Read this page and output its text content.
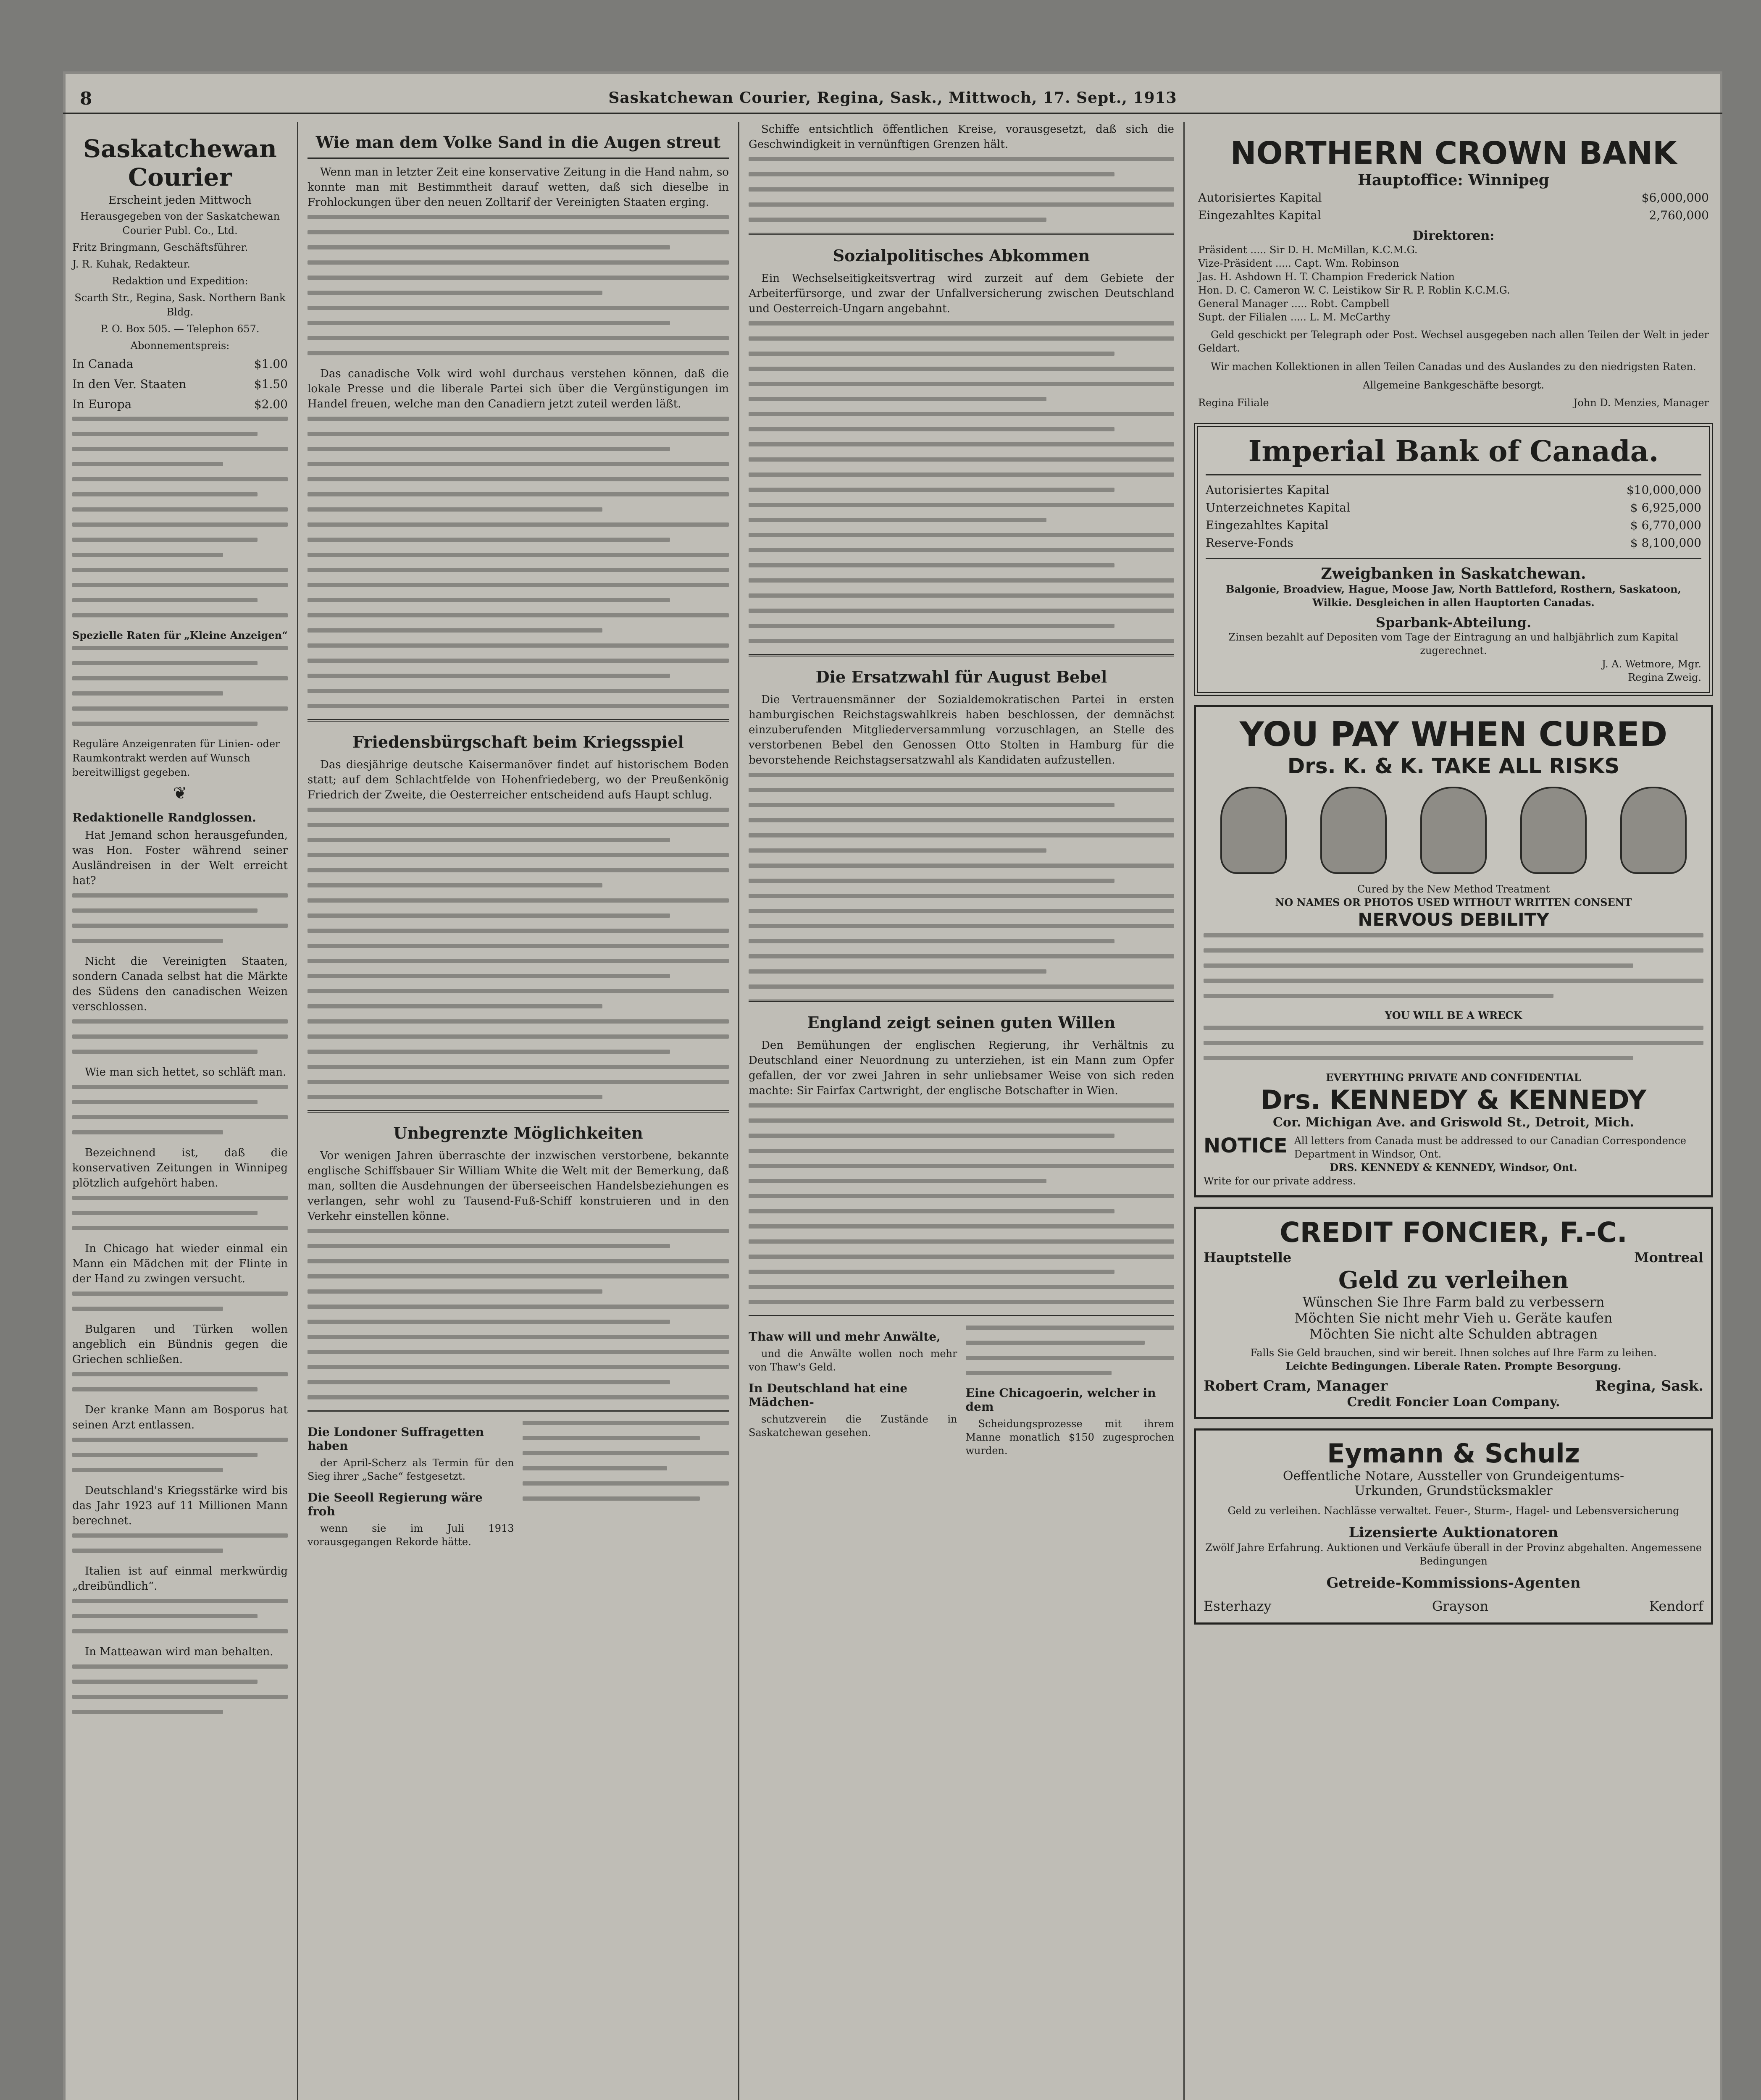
8	Saskatchewan Courier, Regina, Sask., Mittwoch, 17. Sept., 1913
Saskatchewan Courier
Erscheint jeden Mittwoch
Herausgegeben von der Saskatchewan Courier Publ. Co., Ltd.
Fritz Bringmann, Geschäftsführer.
J. R. Kuhak, Redakteur.
Redaktion und Expedition:
Scarth Str., Regina, Sask. Northern Bank Bldg.
P. O. Box 505. — Telephon 657.
Abonnementspreis:
In Canada	$1.00
In den Ver. Staaten	$1.50
In Europa	$2.00
Spezielle Raten für „Kleine Anzeigen“
Reguläre Anzeigenraten für Linien- oder Raumkontrakt werden auf Wunsch bereitwilligst gegeben.
❦
Redaktionelle Randglossen.

Hat Jemand schon herausgefunden, was Hon. Foster während seiner Ausländreisen in der Welt erreicht hat?

Nicht die Vereinigten Staaten, sondern Canada selbst hat die Märkte des Südens den canadischen Weizen verschlossen.

Wie man sich hettet, so schläft man.

Bezeichnend ist, daß die konservativen Zeitungen in Winnipeg plötzlich aufgehört haben.

In Chicago hat wieder einmal ein Mann ein Mädchen mit der Flinte in der Hand zu zwingen versucht.

Bulgaren und Türken wollen angeblich ein Bündnis gegen die Griechen schließen.

Der kranke Mann am Bosporus hat seinen Arzt entlassen.

Deutschland's Kriegsstärke wird bis das Jahr 1923 auf 11 Millionen Mann berechnet.

Italien ist auf einmal merkwürdig „dreibündlich“.

In Matteawan wird man behalten.

Wie man dem Volke Sand in die Augen streut

Wenn man in letzter Zeit eine konservative Zeitung in die Hand nahm, so konnte man mit Bestimmtheit darauf wetten, daß sich dieselbe in Frohlockungen über den neuen Zolltarif der Vereinigten Staaten erging.

Das canadische Volk wird wohl durchaus verstehen können, daß die lokale Presse und die liberale Partei sich über die Vergünstigungen im Handel freuen, welche man den Canadiern jetzt zuteil werden läßt.

Friedensbürgschaft beim Kriegsspiel

Das diesjährige deutsche Kaisermanöver findet auf historischem Boden statt; auf dem Schlachtfelde von Hohenfriedeberg, wo der Preußenkönig Friedrich der Zweite, die Oesterreicher entscheidend aufs Haupt schlug.

Unbegrenzte Möglichkeiten

Vor wenigen Jahren überraschte der inzwischen verstorbene, bekannte englische Schiffsbauer Sir William White die Welt mit der Bemerkung, daß man, sollten die Ausdehnungen der überseeischen Handelsbeziehungen es verlangen, sehr wohl zu Tausend-Fuß-Schiff konstruieren und in den Verkehr einstellen könne.

Die Londoner Suffragetten haben

der April-Scherz als Termin für den Sieg ihrer „Sache“ festgesetzt.

Die Seeoll Regierung wäre froh

wenn sie im Juli 1913 vorausgegangen Rekorde hätte.

Schiffe entsichtlich öffentlichen Kreise, vorausgesetzt, daß sich die Geschwindigkeit in vernünftigen Grenzen hält.

Sozialpolitisches Abkommen

Ein Wechselseitigkeitsvertrag wird zurzeit auf dem Gebiete der Arbeiterfürsorge, und zwar der Unfallversicherung zwischen Deutschland und Oesterreich-Ungarn angebahnt.

Die Ersatzwahl für August Bebel

Die Vertrauensmänner der Sozialdemokratischen Partei in ersten hamburgischen Reichstagswahlkreis haben beschlossen, der demnächst einzuberufenden Mitgliederversammlung vorzuschlagen, an Stelle des verstorbenen Bebel den Genossen Otto Stolten in Hamburg für die bevorstehende Reichstagsersatzwahl als Kandidaten aufzustellen.

England zeigt seinen guten Willen

Den Bemühungen der englischen Regierung, ihr Verhältnis zu Deutschland einer Neuordnung zu unterziehen, ist ein Mann zum Opfer gefallen, der vor zwei Jahren in sehr unliebsamer Weise von sich reden machte: Sir Fairfax Cartwright, der englische Botschafter in Wien.

Thaw will und mehr Anwälte,

und die Anwälte wollen noch mehr von Thaw's Geld.

In Deutschland hat eine Mädchen-

schutzverein die Zustände in Saskatchewan gesehen.

Eine Chicagoerin, welcher in dem

Scheidungsprozesse mit ihrem Manne monatlich $150 zugesprochen wurden.

NORTHERN CROWN BANK
Hauptoffice: Winnipeg
Autorisiertes Kapital	$6,000,000
Eingezahltes Kapital	2,760,000
Direktoren:
Präsident ..... Sir D. H. McMillan, K.C.M.G.
Vize-Präsident ..... Capt. Wm. Robinson
Jas. H. Ashdown H. T. Champion Frederick Nation
Hon. D. C. Cameron W. C. Leistikow Sir R. P. Roblin K.C.M.G.
General Manager ..... Robt. Campbell
Supt. der Filialen ..... L. M. McCarthy

Geld geschickt per Telegraph oder Post. Wechsel ausgegeben nach allen Teilen der Welt in jeder Geldart.

Wir machen Kollektionen in allen Teilen Canadas und des Auslandes zu den niedrigsten Raten.

Allgemeine Bankgeschäfte besorgt.
Regina Filiale	John D. Menzies, Manager
Imperial Bank of Canada.
Autorisiertes Kapital	$10,000,000
Unterzeichnetes Kapital	$ 6,925,000
Eingezahltes Kapital	$ 6,770,000
Reserve-Fonds	$ 8,100,000
Zweigbanken in Saskatchewan.
Balgonie, Broadview, Hague, Moose Jaw, North Battleford, Rosthern, Saskatoon, Wilkie. Desgleichen in allen Hauptorten Canadas.
Sparbank-Abteilung.
Zinsen bezahlt auf Depositen vom Tage der Eintragung an und halbjährlich zum Kapital zugerechnet.
J. A. Wetmore, Mgr.
Regina Zweig.
YOU PAY WHEN CURED
Drs. K. & K. TAKE ALL RISKS
Cured by the New Method Treatment
NO NAMES OR PHOTOS USED WITHOUT WRITTEN CONSENT
NERVOUS DEBILITY
YOU WILL BE A WRECK
EVERYTHING PRIVATE AND CONFIDENTIAL
Drs. KENNEDY & KENNEDY
Cor. Michigan Ave. and Griswold St., Detroit, Mich.
NOTICE All letters from Canada must be addressed to our Canadian Correspondence Department in Windsor, Ont.
DRS. KENNEDY & KENNEDY, Windsor, Ont.
Write for our private address.
CREDIT FONCIER, F.-C.
Hauptstelle	Montreal
Geld zu verleihen
Wünschen Sie Ihre Farm bald zu verbessern
Möchten Sie nicht mehr Vieh u. Geräte kaufen
Möchten Sie nicht alte Schulden abtragen
Falls Sie Geld brauchen, sind wir bereit. Ihnen solches auf Ihre Farm zu leihen.
Leichte Bedingungen. Liberale Raten. Prompte Besorgung.
Robert Cram, Manager	Regina, Sask.
Credit Foncier Loan Company.
Eymann & Schulz
Oeffentliche Notare, Aussteller von Grundeigentums-
Urkunden, Grundstücksmakler
Geld zu verleihen. Nachlässe verwaltet. Feuer-, Sturm-, Hagel- und Lebensversicherung
Lizensierte Auktionatoren
Zwölf Jahre Erfahrung. Auktionen und Verkäufe überall in der Provinz abgehalten. Angemessene Bedingungen
Getreide-Kommissions-Agenten
Esterhazy	Grayson	Kendorf
